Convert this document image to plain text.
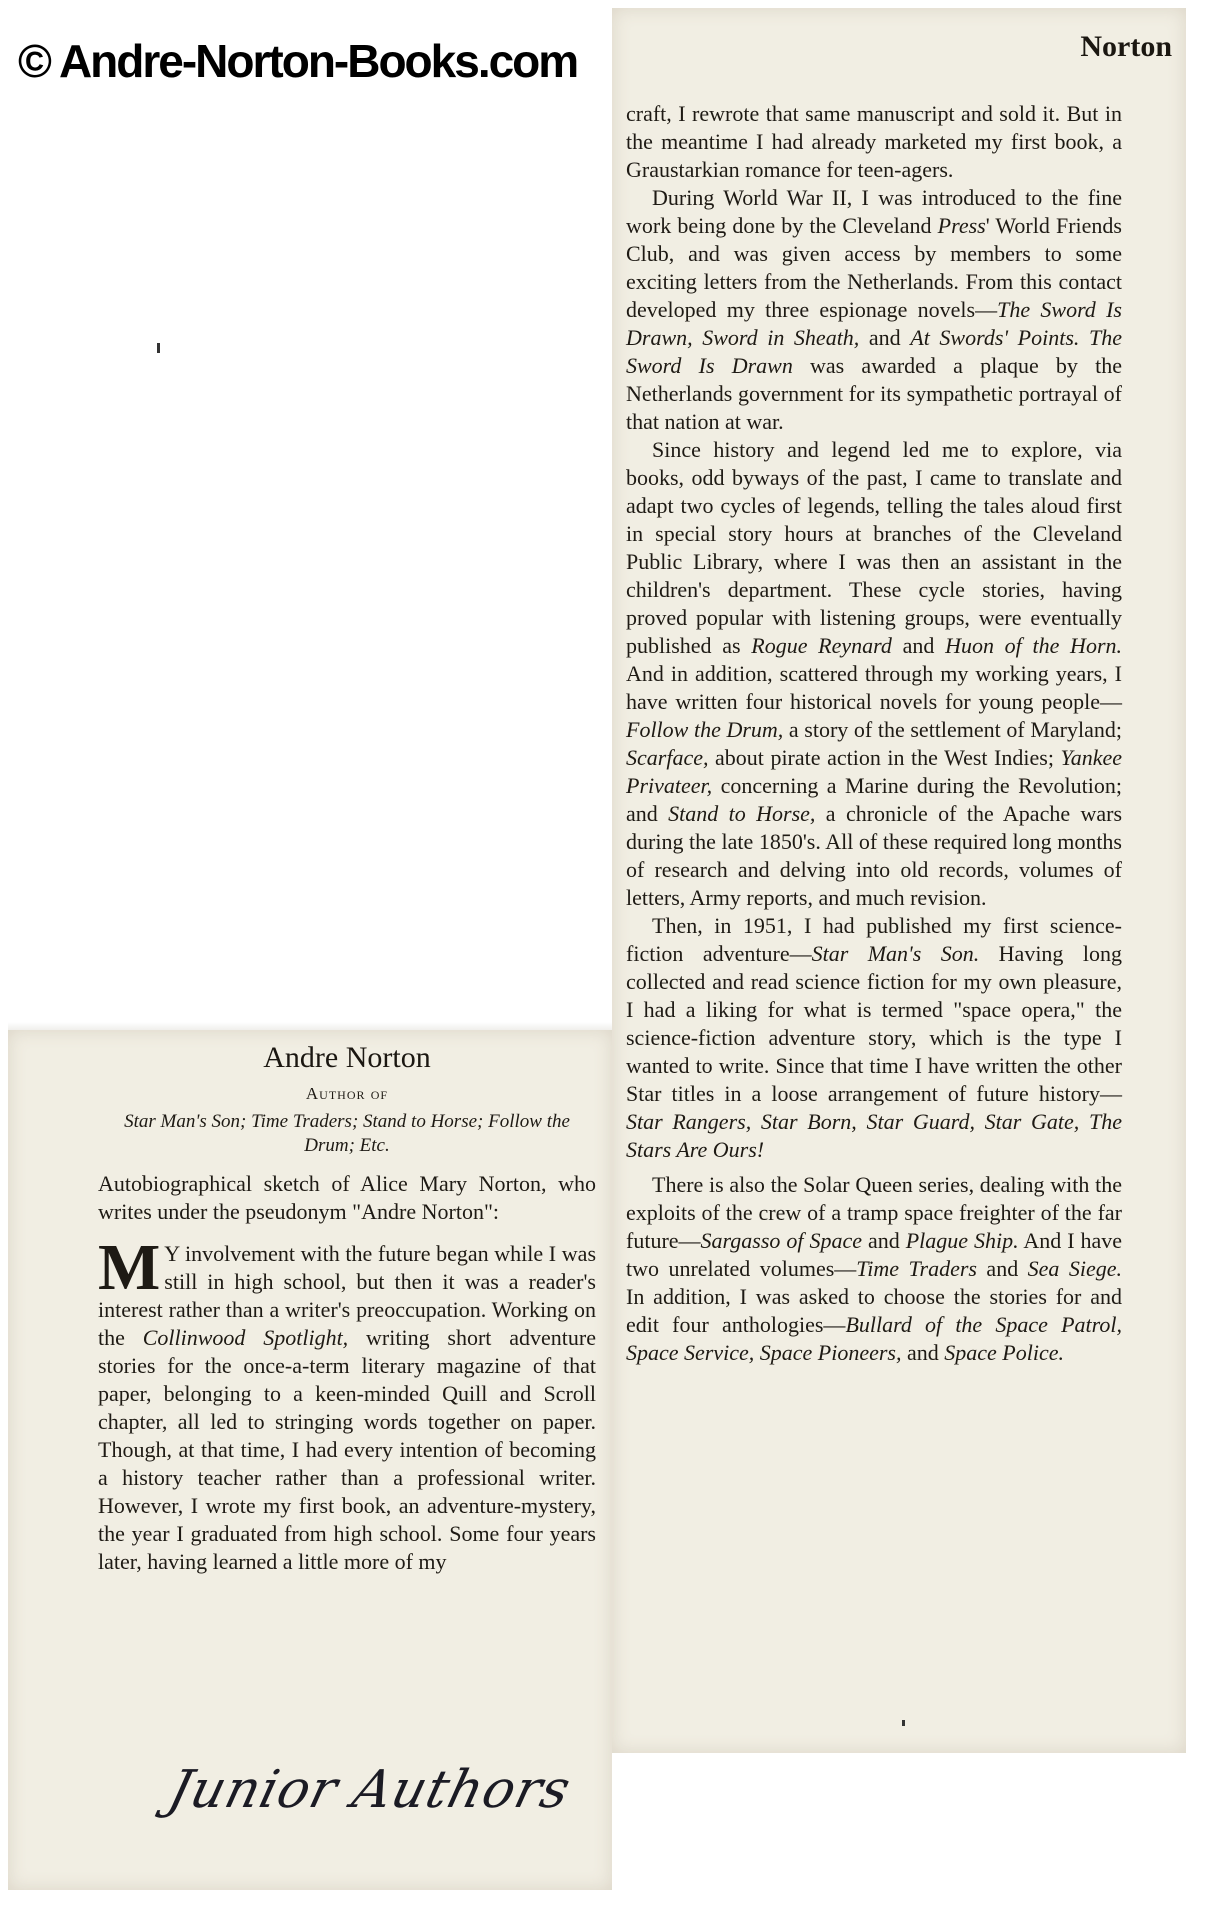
© Andre-Norton-Books.com	Norton

craft, I rewrote that same manuscript and sold it. But in the meantime I had already marketed my first book, a Graustarkian romance for teen-agers.

During World War II, I was introduced to the fine work being done by the Cleveland Press' World Friends Club, and was given access by members to some exciting letters from the Netherlands. From this contact developed my three espionage novels—The Sword Is Drawn, Sword in Sheath, and At Swords' Points. The Sword Is Drawn was awarded a plaque by the Netherlands government for its sympathetic portrayal of that nation at war.

Since history and legend led me to explore, via books, odd byways of the past, I came to translate and adapt two cycles of legends, telling the tales aloud first in special story hours at branches of the Cleveland Public Library, where I was then an assistant in the children's department. These cycle stories, having proved popular with listening groups, were eventually published as Rogue Reynard and Huon of the Horn. And in addition, scattered through my working years, I have written four historical novels for young people—Follow the Drum, a story of the settlement of Maryland; Scarface, about pirate action in the West Indies; Yankee Privateer, concerning a Marine during the Revolution; and Stand to Horse, a chronicle of the Apache wars during the late 1850's. All of these required long months of research and delving into old records, volumes of letters, Army reports, and much revision.

Then, in 1951, I had published my first science-fiction adventure—Star Man's Son. Having long collected and read science fiction for my own pleasure, I had a liking for what is termed "space opera," the science-fiction adventure story, which is the type I wanted to write. Since that time I have written the other Star titles in a loose arrangement of future history—Star Rangers, Star Born, Star Guard, Star Gate, The Stars Are Ours!

There is also the Solar Queen series, dealing with the exploits of the crew of a tramp space freighter of the far future—Sargasso of Space and Plague Ship. And I have two unrelated volumes—Time Traders and Sea Siege. In addition, I was asked to choose the stories for and edit four anthologies—Bullard of the Space Patrol, Space Service, Space Pioneers, and Space Police.

Andre Norton
Author of
Star Man's Son; Time Traders; Stand to Horse; Follow the Drum; Etc.

Autobiographical sketch of Alice Mary Norton, who writes under the pseudonym "Andre Norton":

M Y involvement with the future began while I was still in high school, but then it was a reader's interest rather than a writer's preoccupation. Working on the Collinwood Spotlight, writing short adventure stories for the once-a-term literary magazine of that paper, belonging to a keen-minded Quill and Scroll chapter, all led to stringing words together on paper. Though, at that time, I had every intention of becoming a history teacher rather than a professional writer. However, I wrote my first book, an adventure-mystery, the year I graduated from high school. Some four years later, having learned a little more of my

Junior Authors
